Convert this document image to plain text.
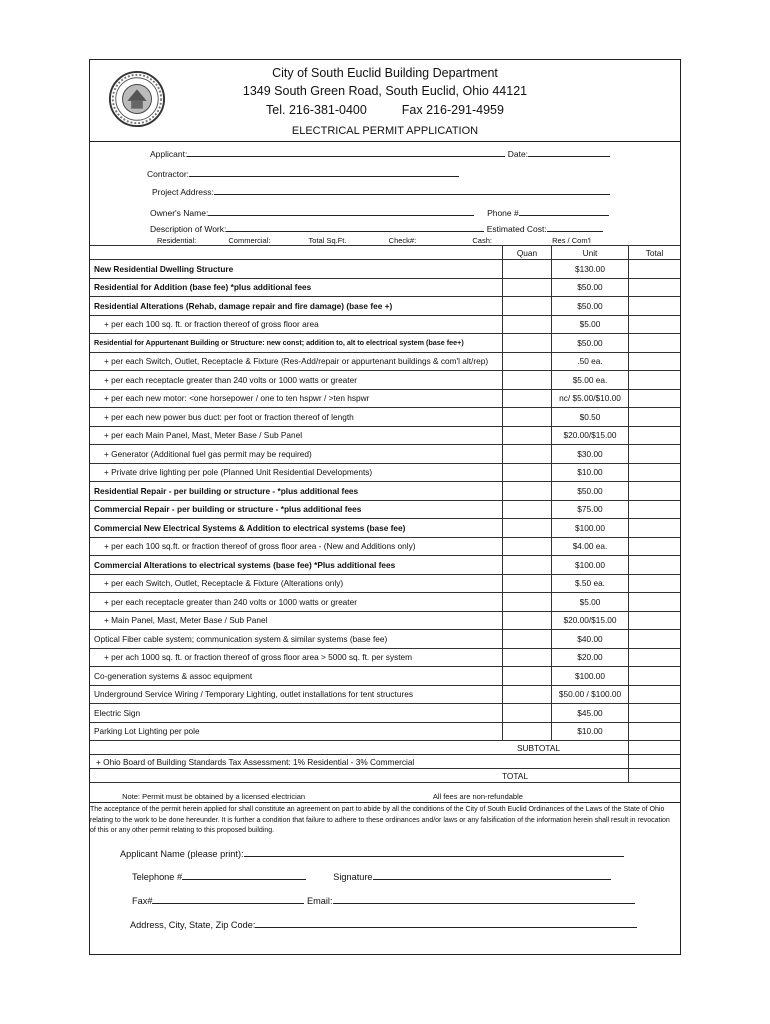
City of South Euclid Building Department
1349 South Green Road, South Euclid, Ohio 44121
Tel. 216-381-0400	Fax 216-291-4959
ELECTRICAL PERMIT APPLICATION
Applicant:	Date:
Contractor:
Project Address:
Owner's Name:	Phone #
Description of Work:	Estimated Cost:
Residential:	Commercial:	Total Sq.Ft.	Check#:	Cash:	Res / Com'l
	Quan	Unit	Total
New Residential Dwelling Structure		$130.00	
Residential for Addition (base fee) *plus additional fees		$50.00	
Residential Alterations (Rehab, damage repair and fire damage) (base fee +)		$50.00	
+ per each 100 sq. ft. or fraction thereof of gross floor area		$5.00	
Residential for Appurtenant Building or Structure: new const; addition to, alt to electrical system (base fee+)		$50.00	
+ per each Switch, Outlet, Receptacle & Fixture (Res-Add/repair or appurtenant buildings & com'l alt/rep)		.50 ea.	
+ per each receptacle greater than 240 volts or 1000 watts or greater		$5.00 ea.	
+ per each new motor: <one horsepower / one to ten hspwr / >ten hspwr		nc/ $5.00/$10.00	
+ per each new power bus duct: per foot or fraction thereof of length		$0.50	
+ per each Main Panel, Mast, Meter Base / Sub Panel		$20.00/$15.00	
+ Generator (Additional fuel gas permit may be required)		$30.00	
+ Private drive lighting per pole (Planned Unit Residential Developments)		$10.00	
Residential Repair - per building or structure - *plus additional fees		$50.00	
Commercial Repair - per building or structure - *plus additional fees		$75.00	
Commercial New Electrical Systems & Addition to electrical systems (base fee)		$100.00	
+ per each 100 sq.ft. or fraction thereof of gross floor area - (New and Additions only)		$4.00 ea.	
Commercial Alterations to electrical systems (base fee) *Plus additional fees		$100.00	
+ per each Switch, Outlet, Receptacle & Fixture (Alterations only)		$.50 ea.	
+ per each receptacle greater than 240 volts or 1000 watts or greater		$5.00	
+ Main Panel, Mast, Meter Base / Sub Panel		$20.00/$15.00	
Optical Fiber cable system; communication system & similar systems (base fee)		$40.00	
+ per ach 1000 sq. ft. or fraction thereof of gross floor area > 5000 sq. ft. per system		$20.00	
Co-generation systems & assoc equipment		$100.00	
Underground Service Wiring / Temporary Lighting, outlet installations for tent structures		$50.00 / $100.00	
Electric Sign		$45.00	
Parking Lot Lighting per pole		$10.00	
SUBTOTAL			
+ Ohio Board of Building Standards Tax Assessment: 1% Residential - 3% Commercial			
TOTAL			
Note: Permit must be obtained by a licensed electrician	All fees are non-refundable
The acceptance of the permit herein applied for shall constitute an agreement on part to abide by all the conditions of the City of South Euclid Ordinances of the Laws of the State of Ohio relating to the work to be done hereunder. It is further a condition that failure to adhere to these ordinances and/or laws or any falsification of the information herein shall result in revocation of this or any other permit relating to this proposed building.
Applicant Name (please print):
Telephone #	Signature
Fax#	Email:
Address, City, State, Zip Code:
